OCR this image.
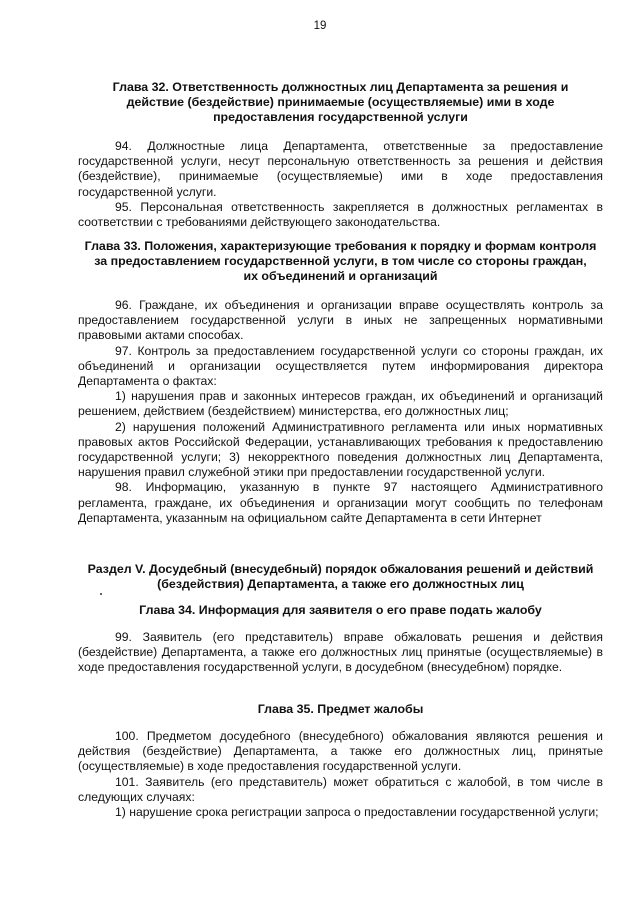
19
Глава 32. Ответственность должностных лиц Департамента за решения и
действие (бездействие) принимаемые (осуществляемые) ими в ходе
предоставления государственной услуги

94. Должностные лица Департамента, ответственные за предоставление государственной услуги, несут персональную ответственность за решения и действия (бездействие), принимаемые (осуществляемые) ими в ходе предоставления государственной услуги.

95. Персональная ответственность закрепляется в должностных регламентах в соответствии с требованиями действующего законодательства.

Глава 33. Положения, характеризующие требования к порядку и формам контроля
за предоставлением государственной услуги, в том числе со стороны граждан,
их объединений и организаций

96. Граждане, их объединения и организации вправе осуществлять контроль за предоставлением государственной услуги в иных не запрещенных нормативными правовыми актами способах.

97. Контроль за предоставлением государственной услуги со стороны граждан, их объединений и организации осуществляется путем информирования директора Департамента о фактах:

1) нарушения прав и законных интересов граждан, их объединений и организаций решением, действием (бездействием) министерства, его должностных лиц;

2) нарушения положений Административного регламента или иных нормативных правовых актов Российской Федерации, устанавливающих требования к предоставлению государственной услуги; 3) некорректного поведения должностных лиц Департамента, нарушения правил служебной этики при предоставлении государственной услуги.

98. Информацию, указанную в пункте 97 настоящего Административного регламента, граждане, их объединения и организации могут сообщить по телефонам Департамента, указанным на официальном сайте Департамента в сети Интернет

Раздел V. Досудебный (внесудебный) порядок обжалования решений и действий
(бездействия) Департамента, а также его должностных лиц
Глава 34. Информация для заявителя о его праве подать жалобу

99. Заявитель (его представитель) вправе обжаловать решения и действия (бездействие) Департамента, а также его должностных лиц принятые (осуществляемые) в ходе предоставления государственной услуги, в досудебном (внесудебном) порядке.

Глава 35. Предмет жалобы

100. Предметом досудебного (внесудебного) обжалования являются решения и действия (бездействие) Департамента, а также его должностных лиц, принятые (осуществляемые) в ходе предоставления государственной услуги.

101. Заявитель (его представитель) может обратиться с жалобой, в том числе в следующих случаях:

1) нарушение срока регистрации запроса о предоставлении государственной услуги;
